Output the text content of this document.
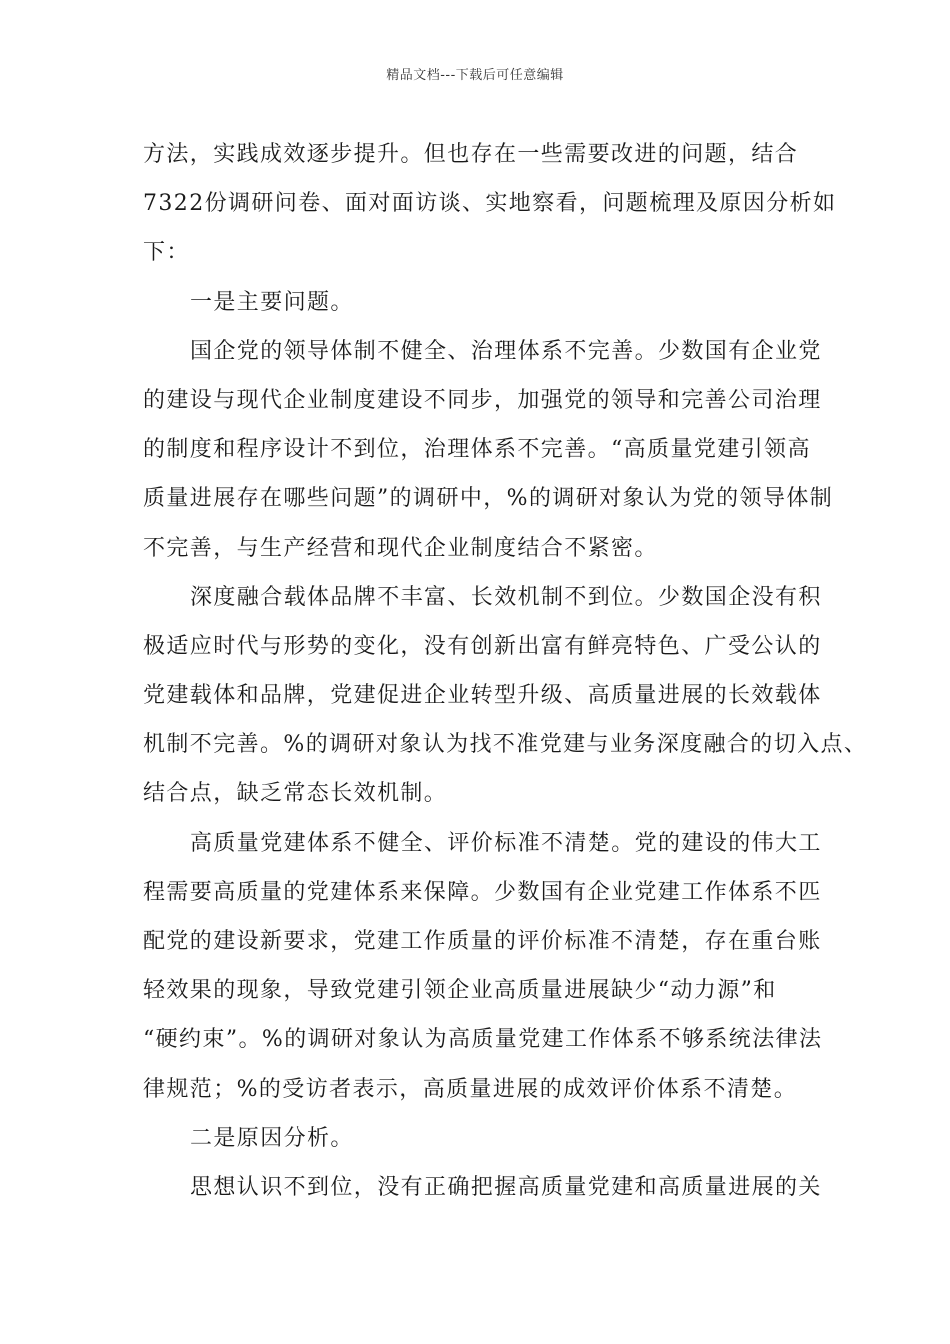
精品文档---下载后可任意编辑
方法，实践成效逐步提升。但也存在一些需要改进的问题，结合
7322份调研问卷、面对面访谈、实地察看，问题梳理及原因分析如
下：
一是主要问题。
国企党的领导体制不健全、治理体系不完善。少数国有企业党
的建设与现代企业制度建设不同步，加强党的领导和完善公司治理
的制度和程序设计不到位，治理体系不完善。“高质量党建引领高
质量进展存在哪些问题”的调研中，%的调研对象认为党的领导体制
不完善，与生产经营和现代企业制度结合不紧密。
深度融合载体品牌不丰富、长效机制不到位。少数国企没有积
极适应时代与形势的变化，没有创新出富有鲜亮特色、广受公认的
党建载体和品牌，党建促进企业转型升级、高质量进展的长效载体
机制不完善。%的调研对象认为找不准党建与业务深度融合的切入点、
结合点，缺乏常态长效机制。
高质量党建体系不健全、评价标准不清楚。党的建设的伟大工
程需要高质量的党建体系来保障。少数国有企业党建工作体系不匹
配党的建设新要求，党建工作质量的评价标准不清楚，存在重台账
轻效果的现象，导致党建引领企业高质量进展缺少“动力源”和
“硬约束”。%的调研对象认为高质量党建工作体系不够系统法律法
律规范；%的受访者表示，高质量进展的成效评价体系不清楚。
二是原因分析。
思想认识不到位，没有正确把握高质量党建和高质量进展的关
